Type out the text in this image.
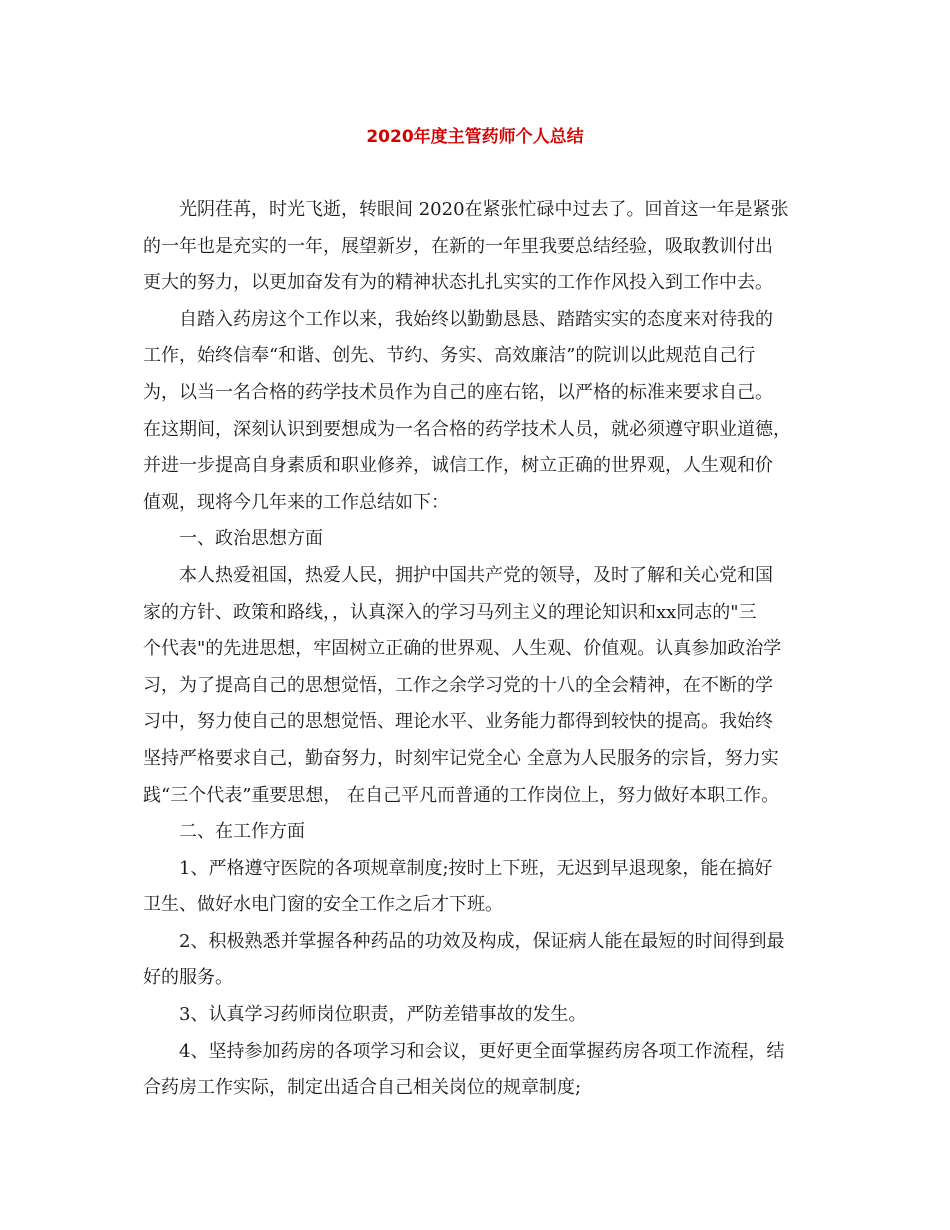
2020年度主管药师个人总结
光阴荏苒，时光飞逝，转眼间 2020在紧张忙碌中过去了。回首这一年是紧张
的一年也是充实的一年，展望新岁，在新的一年里我要总结经验，吸取教训付出
更大的努力，以更加奋发有为的精神状态扎扎实实的工作作风投入到工作中去。
自踏入药房这个工作以来，我始终以勤勤恳恳、踏踏实实的态度来对待我的
工作，始终信奉“和谐、创先、节约、务实、高效廉洁”的院训以此规范自己行
为，以当一名合格的药学技术员作为自己的座右铭，以严格的标准来要求自己。
在这期间，深刻认识到要想成为一名合格的药学技术人员，就必须遵守职业道德，
并进一步提高自身素质和职业修养，诚信工作，树立正确的世界观，人生观和价
值观，现将今几年来的工作总结如下：
一、政治思想方面
本人热爱祖国，热爱人民，拥护中国共产党的领导，及时了解和关心党和国
家的方针、政策和路线，，认真深入的学习马列主义的理论知识和xx同志的"三
个代表"的先进思想，牢固树立正确的世界观、人生观、价值观。认真参加政治学
习，为了提高自己的思想觉悟，工作之余学习党的十八的全会精神，在不断的学
习中，努力使自己的思想觉悟、理论水平、业务能力都得到较快的提高。我始终
坚持严格要求自己，勤奋努力，时刻牢记党全心 全意为人民服务的宗旨，努力实
践“三个代表”重要思想， 在自己平凡而普通的工作岗位上，努力做好本职工作。
二、在工作方面
1、严格遵守医院的各项规章制度;按时上下班，无迟到早退现象，能在搞好
卫生、做好水电门窗的安全工作之后才下班。
2、积极熟悉并掌握各种药品的功效及构成，保证病人能在最短的时间得到最
好的服务。
3、认真学习药师岗位职责，严防差错事故的发生。
4、坚持参加药房的各项学习和会议，更好更全面掌握药房各项工作流程，结
合药房工作实际，制定出适合自己相关岗位的规章制度;
